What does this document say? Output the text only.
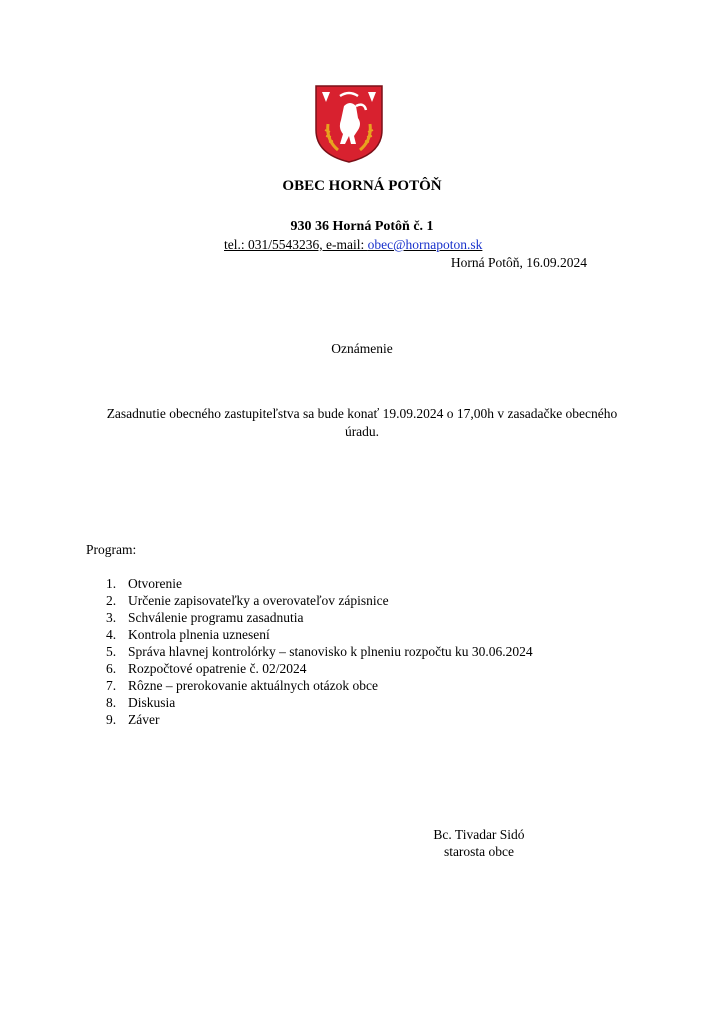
OBEC HORNÁ POTÔŇ
930 36 Horná Potôň č. 1
tel.: 031/5543236, e-mail: obec@hornapoton.sk
Horná Potôň, 16.09.2024
Oznámenie
Zasadnutie obecného zastupiteľstva sa bude konať 19.09.2024 o 17,00h v zasadačke obecného úradu.
Program:
1. Otvorenie
2. Určenie zapisovateľky a overovateľov zápisnice
3. Schválenie programu zasadnutia
4. Kontrola plnenia uznesení
5. Správa hlavnej kontrolórky – stanovisko k plneniu rozpočtu ku 30.06.2024
6. Rozpočtové opatrenie č. 02/2024
7. Rôzne – prerokovanie aktuálnych otázok obce
8. Diskusia
9. Záver
Bc. Tivadar Sidó
starosta obce
